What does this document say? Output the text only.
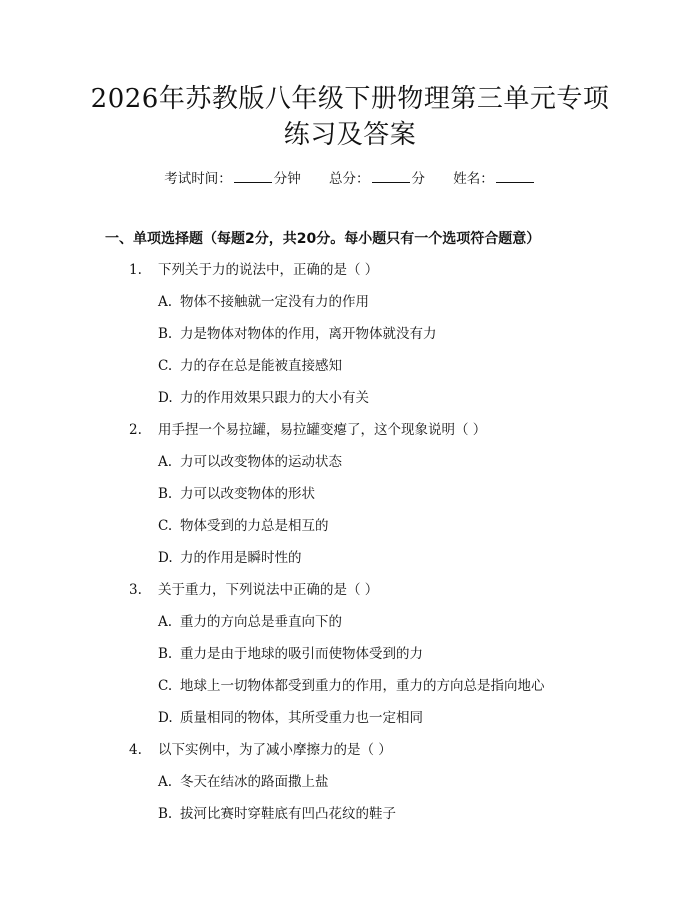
2026年苏教版八年级下册物理第三单元专项
练习及答案
考试时间：	分钟 总分：	分 姓名：
一、单项选择题（每题2分，共20分。每小题只有一个选项符合题意）
1. 下列关于力的说法中，正确的是（ ）
A. 物体不接触就一定没有力的作用
B. 力是物体对物体的作用，离开物体就没有力
C. 力的存在总是能被直接感知
D. 力的作用效果只跟力的大小有关
2. 用手捏一个易拉罐，易拉罐变瘪了，这个现象说明（ ）
A. 力可以改变物体的运动状态
B. 力可以改变物体的形状
C. 物体受到的力总是相互的
D. 力的作用是瞬时性的
3. 关于重力，下列说法中正确的是（ ）
A. 重力的方向总是垂直向下的
B. 重力是由于地球的吸引而使物体受到的力
C. 地球上一切物体都受到重力的作用，重力的方向总是指向地心
D. 质量相同的物体，其所受重力也一定相同
4. 以下实例中，为了减小摩擦力的是（ ）
A. 冬天在结冰的路面撒上盐
B. 拔河比赛时穿鞋底有凹凸花纹的鞋子
